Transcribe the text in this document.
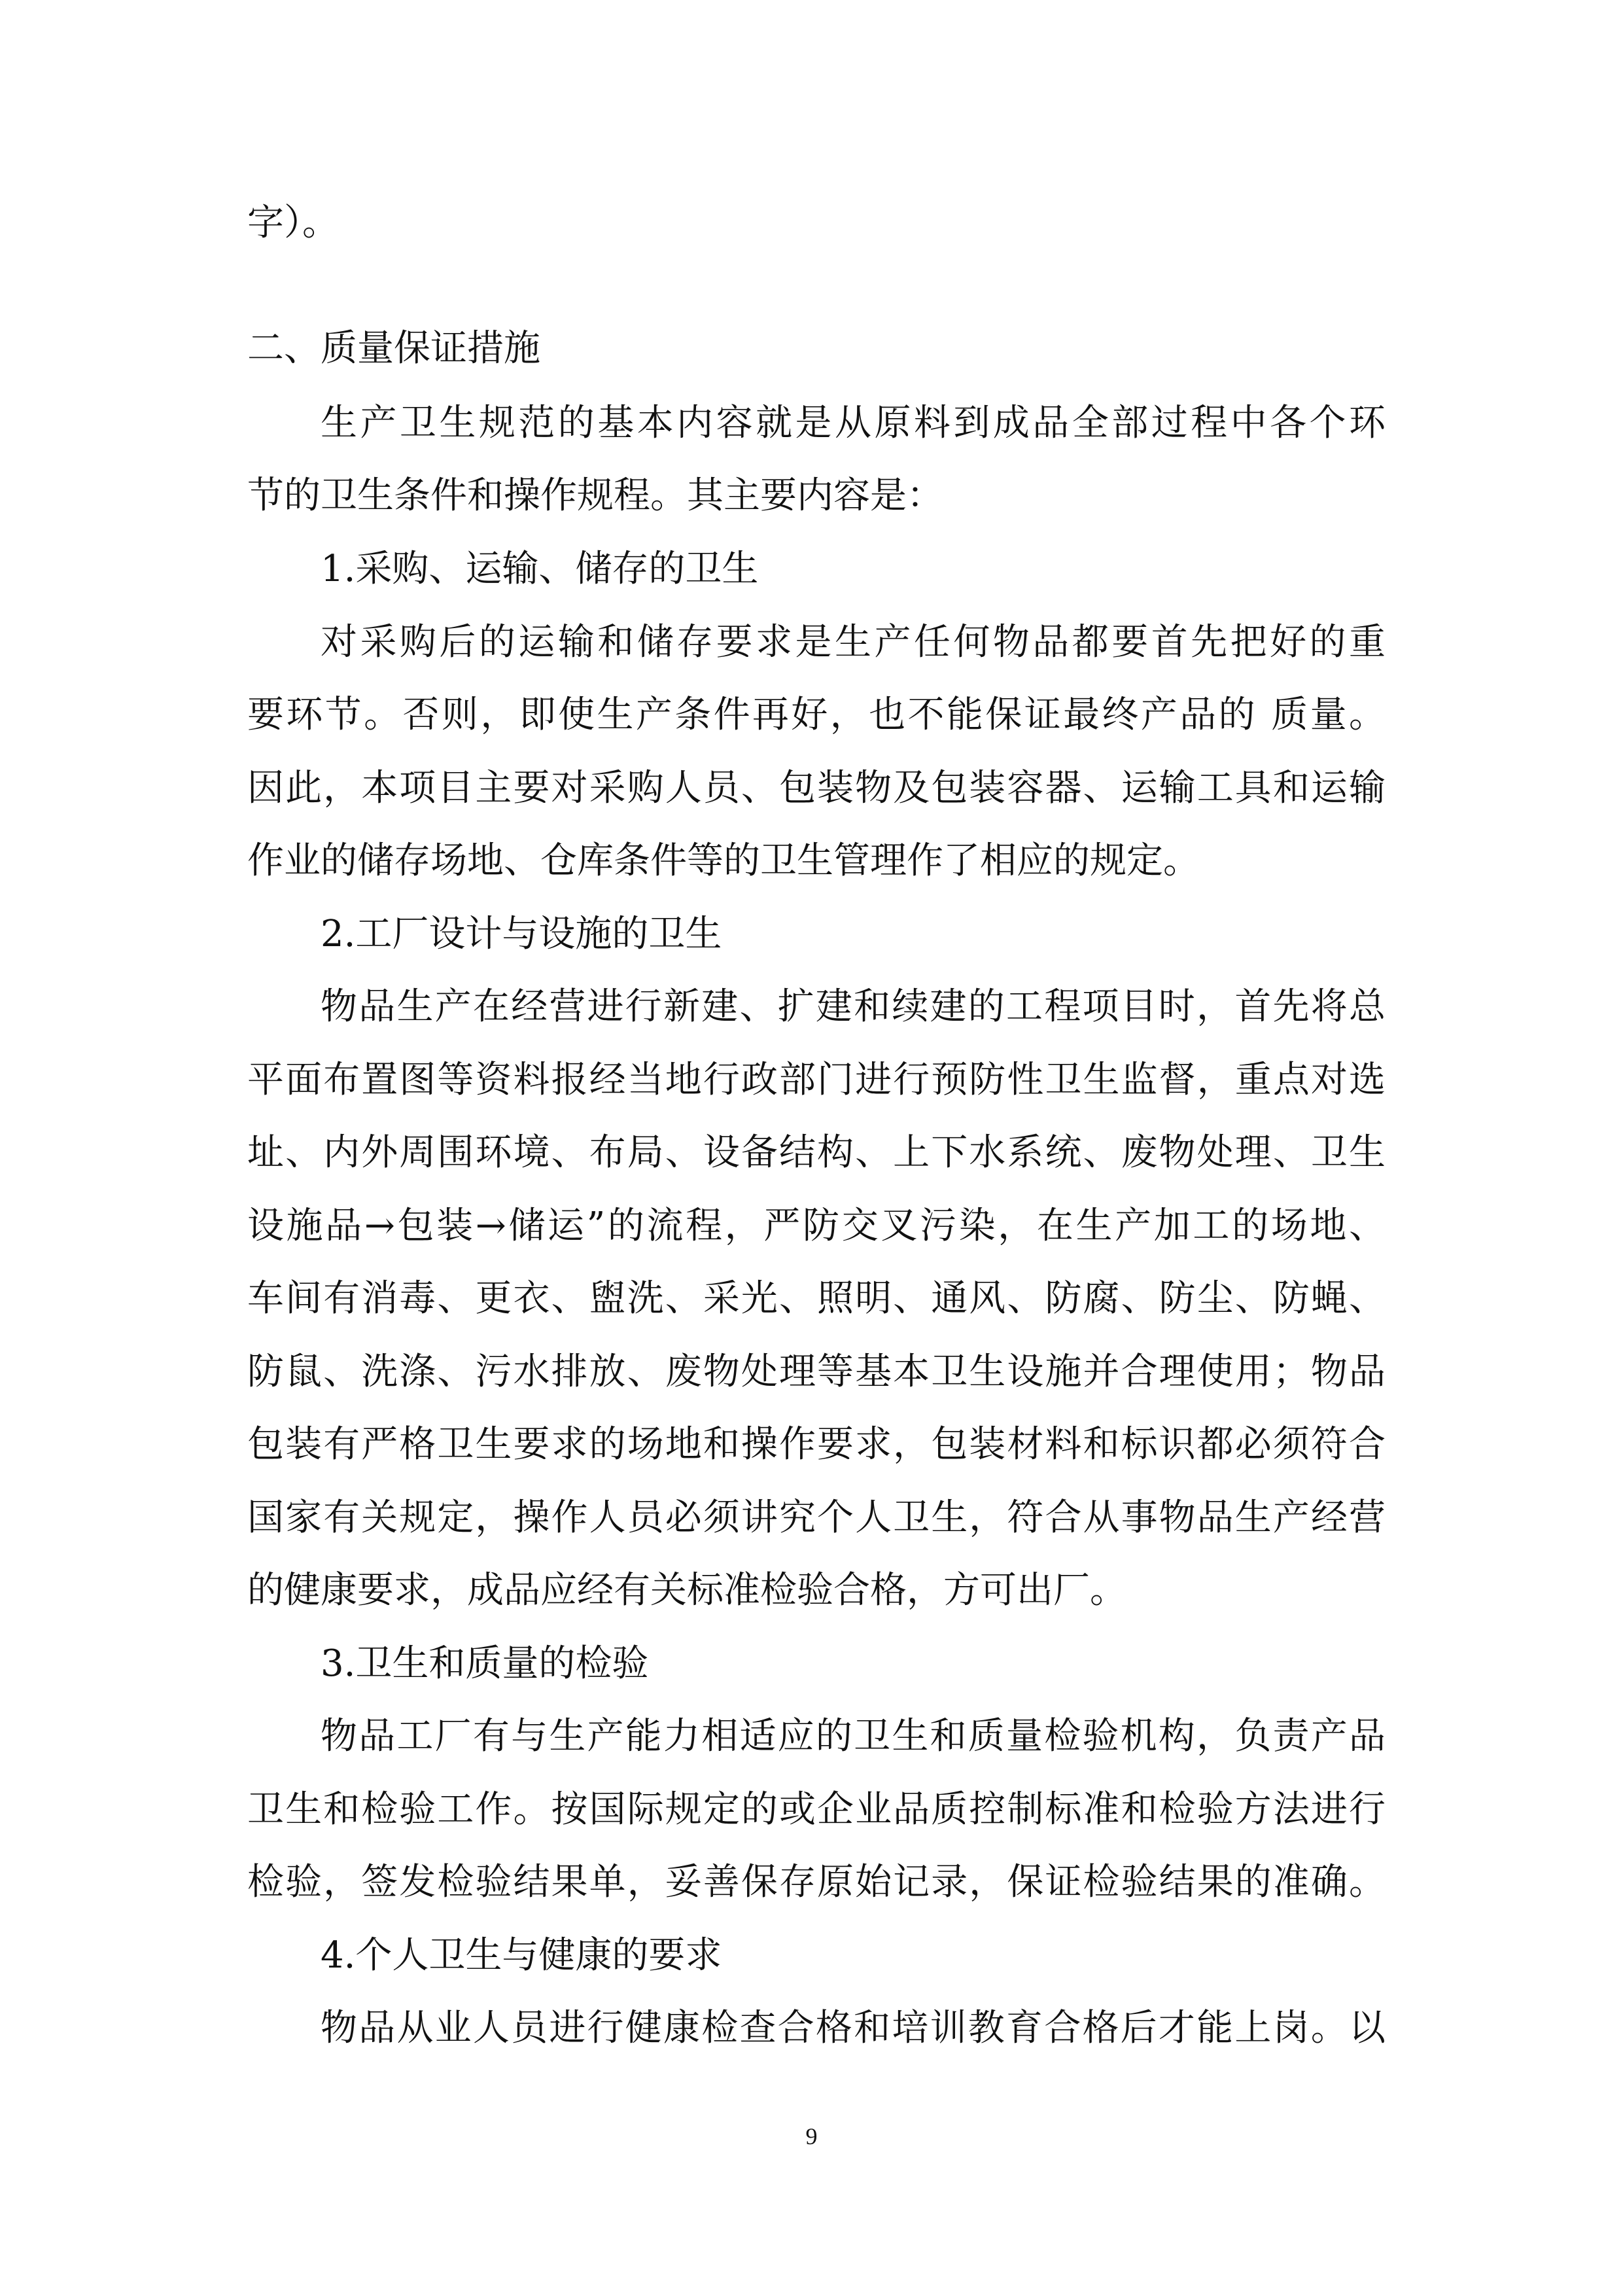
字）。
二、质量保证措施
生产卫生规范的基本内容就是从原料到成品全部过程中各个环
节的卫生条件和操作规程。其主要内容是：
1.采购、运输、储存的卫生
对采购后的运输和储存要求是生产任何物品都要首先把好的重
要环节。否则，即使生产条件再好，也不能保证最终产品的 质量。
因此，本项目主要对采购人员、包装物及包装容器、运输工具和运输
作业的储存场地、仓库条件等的卫生管理作了相应的规定。
2.工厂设计与设施的卫生
物品生产在经营进行新建、扩建和续建的工程项目时，首先将总
平面布置图等资料报经当地行政部门进行预防性卫生监督，重点对选
址、内外周围环境、布局、设备结构、上下水系统、废物处理、卫生
设施品→包装→储运”的流程，严防交叉污染，在生产加工的场地、
车间有消毒、更衣、盥洗、采光、照明、通风、防腐、防尘、防蝇、
防鼠、洗涤、污水排放、废物处理等基本卫生设施并合理使用；物品
包装有严格卫生要求的场地和操作要求，包装材料和标识都必须符合
国家有关规定，操作人员必须讲究个人卫生，符合从事物品生产经营
的健康要求，成品应经有关标准检验合格，方可出厂。
3.卫生和质量的检验
物品工厂有与生产能力相适应的卫生和质量检验机构，负责产品
卫生和检验工作。按国际规定的或企业品质控制标准和检验方法进行
检验，签发检验结果单，妥善保存原始记录，保证检验结果的准确。
4.个人卫生与健康的要求
物品从业人员进行健康检查合格和培训教育合格后才能上岗。以
9
